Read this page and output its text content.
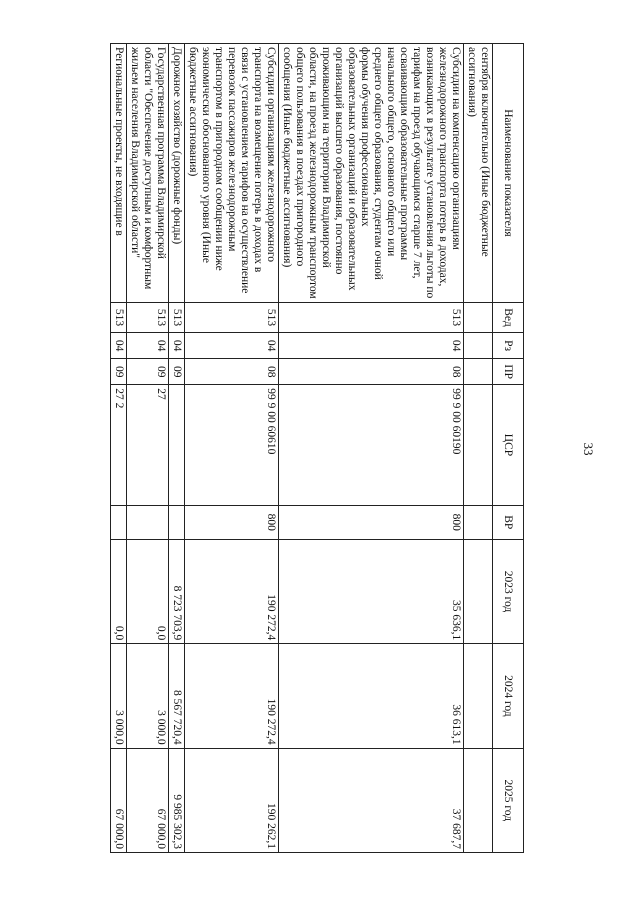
33
Наименование показателя	Вед	Рз	ПР	ЦСР	ВР	2023 год	2024 год	2025 год
сентября включительно (Иные бюджетные ассигнования)								
Субсидии на компенсацию организациям железнодорожного транспорта потерь в доходах, возникающих в результате установления льготы по тарифам на проезд обучающимся старше 7 лет, осваивающим образовательные программы начального общего, основного общего или среднего общего образования, студентам очной формы обучения профессиональных образовательных организаций и образовательных организаций высшего образования, постоянно проживающим на территории Владимирской области, на проезд железнодорожным транспортом общего пользования в поездах пригородного сообщения (Иные бюджетные ассигнования)	513	04	08	99 9 00 60190	800	35 636,1	36 613,1	37 687,7
Субсидии организациям железнодорожного транспорта на возмещение потерь в доходах в связи с установлением тарифов на осуществление перевозок пассажиров железнодорожным транспортом в пригородном сообщении ниже экономически обоснованного уровня (Иные бюджетные ассигнования)	513	04	08	99 9 00 60610	800	190 272,4	190 272,4	190 262,1
Дорожное хозяйство (дорожные фонды)	513	04	09			8 723 703,9	8 567 720,4	9 985 302,3
Государственная программа Владимирской области "Обеспечение доступным и комфортным жильем населения Владимирской области"	513	04	09	27		0,0	3 000,0	67 000,0
Региональные проекты, не входящие в	513	04	09	27 2		0,0	3 000,0	67 000,0
